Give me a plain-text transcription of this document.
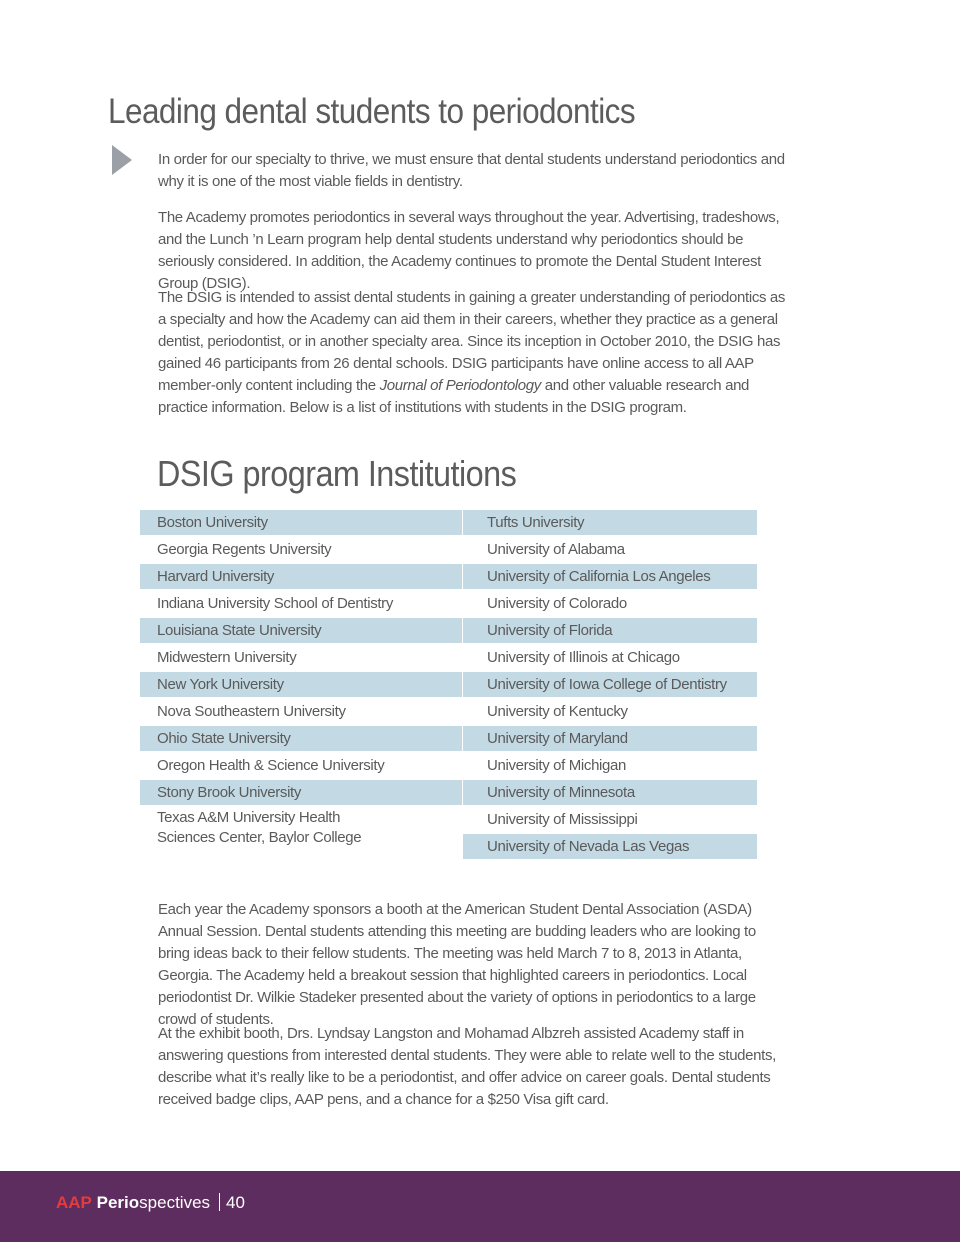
Leading dental students to periodontics

In order for our specialty to thrive, we must ensure that dental students understand periodontics and why it is one of the most viable fields in dentistry.

The Academy promotes periodontics in several ways throughout the year. Advertising, tradeshows, and the Lunch ’n Learn program help dental students understand why periodontics should be seriously considered. In addition, the Academy continues to promote the Dental Student Interest Group (DSIG).

The DSIG is intended to assist dental students in gaining a greater understanding of periodontics as a specialty and how the Academy can aid them in their careers, whether they practice as a general dentist, periodontist, or in another specialty area. Since its inception in October 2010, the DSIG has gained 46 participants from 26 dental schools. DSIG participants have online access to all AAP member-only content including the Journal of Periodontology and other valuable research and practice information. Below is a list of institutions with students in the DSIG program.

DSIG program Institutions
Boston University
Georgia Regents University
Harvard University
Indiana University School of Dentistry
Louisiana State University
Midwestern University
New York University
Nova Southeastern University
Ohio State University
Oregon Health & Science University
Stony Brook University
Texas A&M University Health Sciences Center, Baylor College
Tufts University
University of Alabama
University of California Los Angeles
University of Colorado
University of Florida
University of Illinois at Chicago
University of Iowa College of Dentistry
University of Kentucky
University of Maryland
University of Michigan
University of Minnesota
University of Mississippi
University of Nevada Las Vegas

Each year the Academy sponsors a booth at the American Student Dental Association (ASDA) Annual Session. Dental students attending this meeting are budding leaders who are looking to bring ideas back to their fellow students. The meeting was held March 7 to 8, 2013 in Atlanta, Georgia. The Academy held a breakout session that highlighted careers in periodontics. Local periodontist Dr. Wilkie Stadeker presented about the variety of options in periodontics to a large crowd of students.

At the exhibit booth, Drs. Lyndsay Langston and Mohamad Albzreh assisted Academy staff in answering questions from interested dental students. They were able to relate well to the students, describe what it’s really like to be a periodontist, and offer advice on career goals. Dental students received badge clips, AAP pens, and a chance for a $250 Visa gift card.

AAP Periospectives 40
